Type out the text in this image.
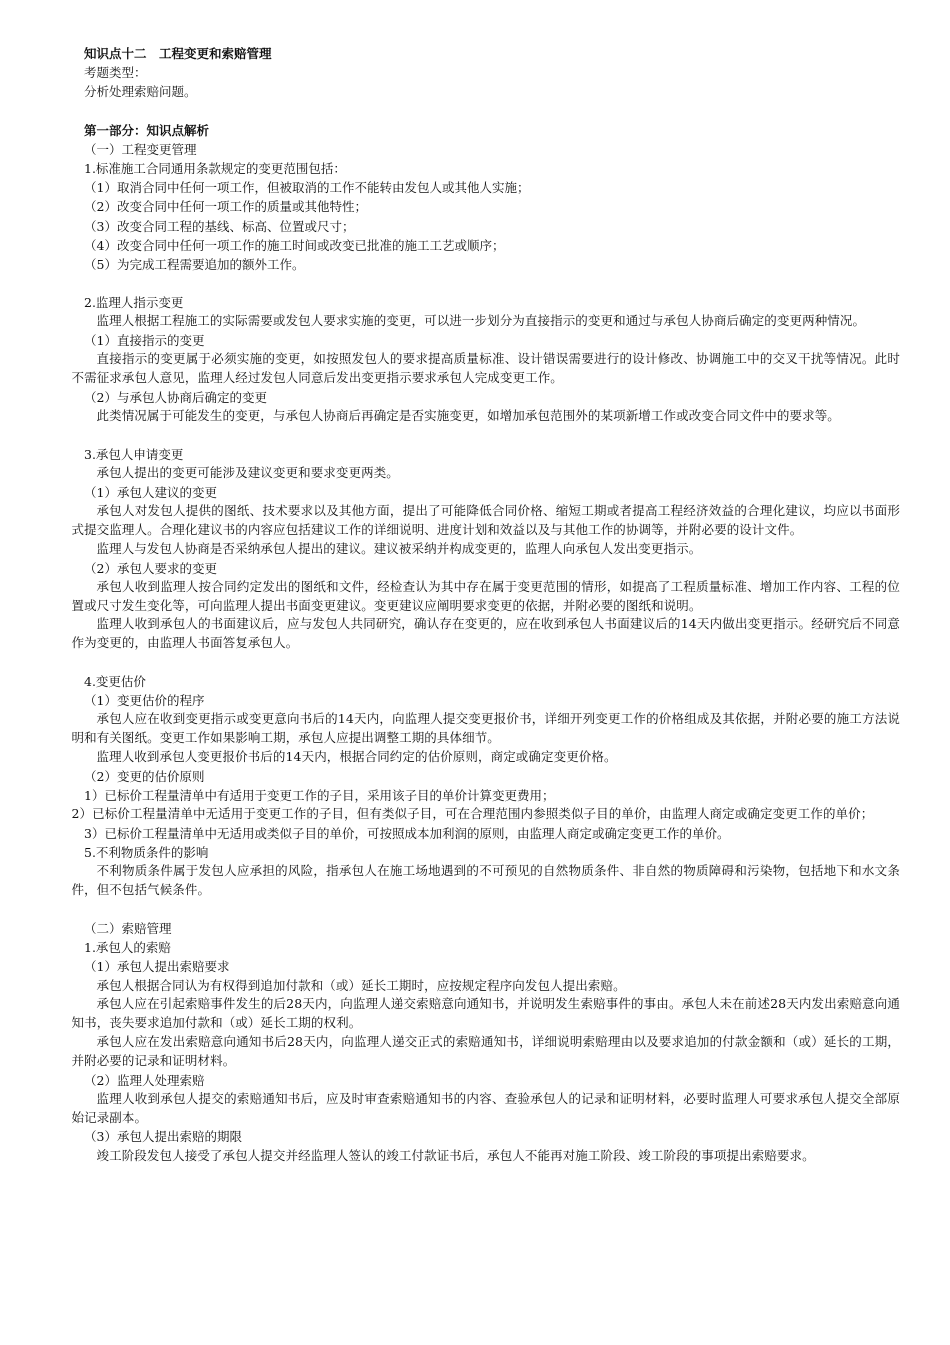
知识点十二　工程变更和索赔管理
考题类型：
分析处理索赔问题。
第一部分：知识点解析
（一）工程变更管理
1.标准施工合同通用条款规定的变更范围包括：
（1）取消合同中任何一项工作，但被取消的工作不能转由发包人或其他人实施；
（2）改变合同中任何一项工作的质量或其他特性；
（3）改变合同工程的基线、标高、位置或尺寸；
（4）改变合同中任何一项工作的施工时间或改变已批准的施工工艺或顺序；
（5）为完成工程需要追加的额外工作。
2.监理人指示变更
监理人根据工程施工的实际需要或发包人要求实施的变更，可以进一步划分为直接指示的变更和通过与承包人协商后确定的变更两种情况。
（1）直接指示的变更
直接指示的变更属于必须实施的变更，如按照发包人的要求提高质量标准、设计错误需要进行的设计修改、协调施工中的交叉干扰等情况。此时不需征求承包人意见，监理人经过发包人同意后发出变更指示要求承包人完成变更工作。
（2）与承包人协商后确定的变更
此类情况属于可能发生的变更，与承包人协商后再确定是否实施变更，如增加承包范围外的某项新增工作或改变合同文件中的要求等。
3.承包人申请变更
承包人提出的变更可能涉及建议变更和要求变更两类。
（1）承包人建议的变更
承包人对发包人提供的图纸、技术要求以及其他方面，提出了可能降低合同价格、缩短工期或者提高工程经济效益的合理化建议，均应以书面形式提交监理人。合理化建议书的内容应包括建议工作的详细说明、进度计划和效益以及与其他工作的协调等，并附必要的设计文件。
监理人与发包人协商是否采纳承包人提出的建议。建议被采纳并构成变更的，监理人向承包人发出变更指示。
（2）承包人要求的变更
承包人收到监理人按合同约定发出的图纸和文件，经检查认为其中存在属于变更范围的情形，如提高了工程质量标准、增加工作内容、工程的位置或尺寸发生变化等，可向监理人提出书面变更建议。变更建议应阐明要求变更的依据，并附必要的图纸和说明。
监理人收到承包人的书面建议后，应与发包人共同研究，确认存在变更的，应在收到承包人书面建议后的14天内做出变更指示。经研究后不同意作为变更的，由监理人书面答复承包人。
4.变更估价
（1）变更估价的程序
承包人应在收到变更指示或变更意向书后的14天内，向监理人提交变更报价书，详细开列变更工作的价格组成及其依据，并附必要的施工方法说明和有关图纸。变更工作如果影响工期，承包人应提出调整工期的具体细节。
监理人收到承包人变更报价书后的14天内，根据合同约定的估价原则，商定或确定变更价格。
（2）变更的估价原则
1）已标价工程量清单中有适用于变更工作的子目，采用该子目的单价计算变更费用；
2）已标价工程量清单中无适用于变更工作的子目，但有类似子目，可在合理范围内参照类似子目的单价，由监理人商定或确定变更工作的单价；
3）已标价工程量清单中无适用或类似子目的单价，可按照成本加利润的原则，由监理人商定或确定变更工作的单价。
5.不利物质条件的影响
不利物质条件属于发包人应承担的风险，指承包人在施工场地遇到的不可预见的自然物质条件、非自然的物质障碍和污染物，包括地下和水文条件，但不包括气候条件。
（二）索赔管理
1.承包人的索赔
（1）承包人提出索赔要求
承包人根据合同认为有权得到追加付款和（或）延长工期时，应按规定程序向发包人提出索赔。
承包人应在引起索赔事件发生的后28天内，向监理人递交索赔意向通知书，并说明发生索赔事件的事由。承包人未在前述28天内发出索赔意向通知书，丧失要求追加付款和（或）延长工期的权利。
承包人应在发出索赔意向通知书后28天内，向监理人递交正式的索赔通知书，详细说明索赔理由以及要求追加的付款金额和（或）延长的工期，并附必要的记录和证明材料。
（2）监理人处理索赔
监理人收到承包人提交的索赔通知书后，应及时审查索赔通知书的内容、查验承包人的记录和证明材料，必要时监理人可要求承包人提交全部原始记录副本。
（3）承包人提出索赔的期限
竣工阶段发包人接受了承包人提交并经监理人签认的竣工付款证书后，承包人不能再对施工阶段、竣工阶段的事项提出索赔要求。
